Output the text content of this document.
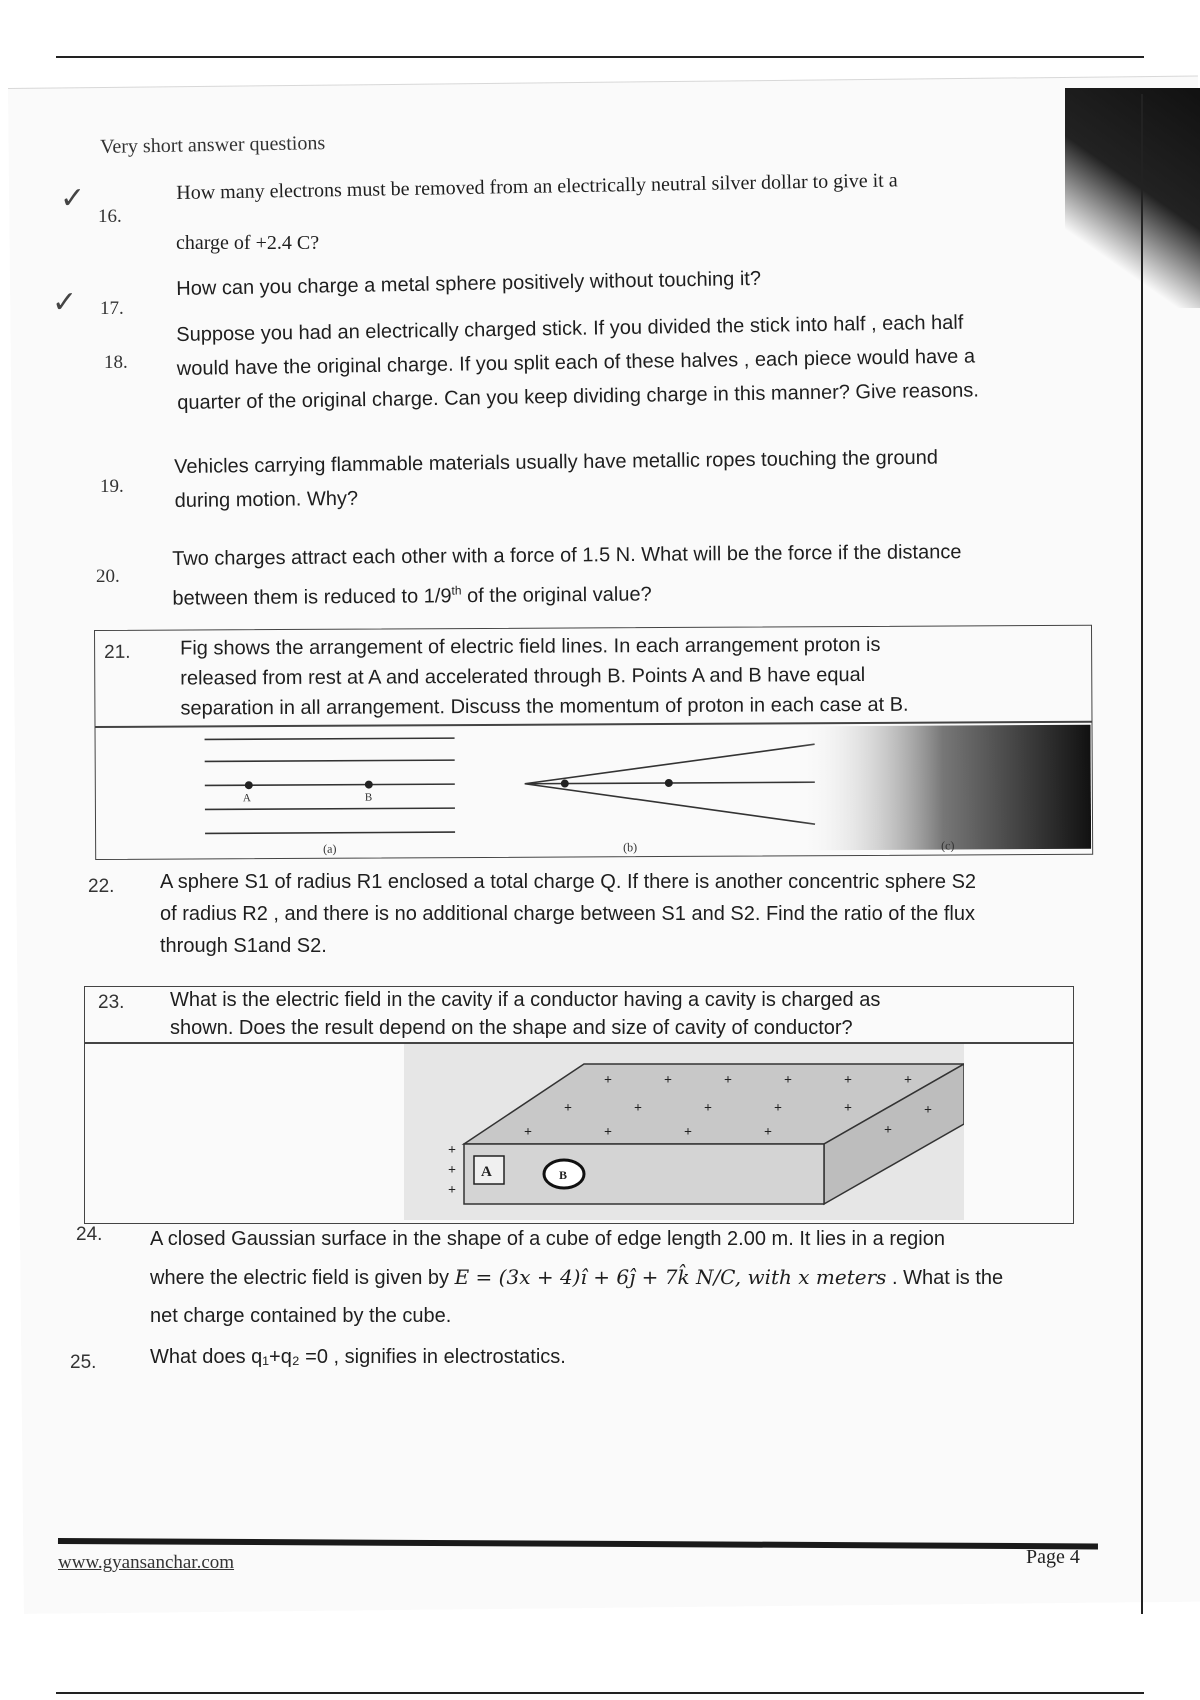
Very short answer questions
✓
16.
How many electrons must be removed from an electrically neutral silver dollar to give it a
charge of +2.4 C?
✓ 17.
How can you charge a metal sphere positively without touching it?
18.
Suppose you had an electrically charged stick. If you divided the stick into half , each half
would have the original charge. If you split each of these halves , each piece would have a
quarter of the original charge. Can you keep dividing charge in this manner? Give reasons.
19.
Vehicles carrying flammable materials usually have metallic ropes touching the ground
during motion. Why?
20.
Two charges attract each other with a force of 1.5 N. What will be the force if the distance
between them is reduced to 1/9th of the original value?
21. Fig shows the arrangement of electric field lines. In each arrangement proton is
released from rest at A and accelerated through B. Points A and B have equal
separation in all arrangement. Discuss the momentum of proton in each case at B.
A	B
(a)	(b)	(c)
22. A sphere S1 of radius R1 enclosed a total charge Q. If there is another concentric sphere S2
of radius R2 , and there is no additional charge between S1 and S2. Find the ratio of the flux
through S1and S2.
23. What is the electric field in the cavity if a conductor having a cavity is charged as
shown. Does the result depend on the shape and size of cavity of conductor?
A	B
+	+	+	+	+	+
+	+	+	+	+
+	+	+	+
+
+
+
+
+
24. A closed Gaussian surface in the shape of a cube of edge length 2.00 m. It lies in a region
where the electric field is given by E = (3x + 4)î + 6ĵ + 7k̂ N/C, with x meters . What is the
net charge contained by the cube.
25.	What does q₁+q₂ =0 , signifies in electrostatics.
www.gyansanchar.com	Page 4
